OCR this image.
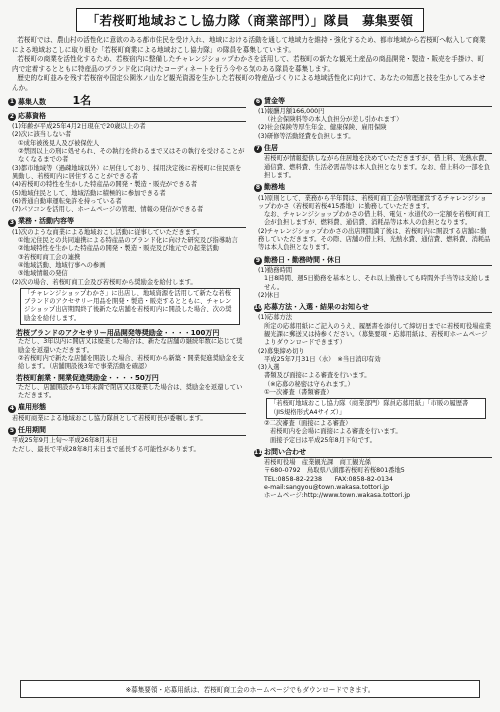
「若桜町地域おこし協力隊（商業部門）」隊員　募集要領

若桜町では、農山村の活性化に意欲のある都市住民を受け入れ、地域における活動を通して地域力を維持・強化するため、都市地域から若桜町へ転入して商業による地域おこしに取り組む「若桜町商業による地域おこし協力隊」の隊員を募集しています。

若桜町の商業を活性化するため、若桜宿内に整備したチャレンジショップわかさを活用して、若桜町の新たな観光土産品の商品開発・製造・販売を手掛け、町内で定着するとともに特産品のブランド化に向けたコーディネートを行う今やる気のある隊員を募集します。

歴史的な町並みを残す若桜宿や国定公園氷ノ山など観光資源を生かした若桜町の特産品づくりによる地域活性化に向けて、あなたの知恵と技を生かしてみませんか。

1 募集人数 1名
2 応募資格
(1)年齢が平成25年4月2日現在で20歳以上の者
(2)次に該当しない者
①成年被後見人及び被保佐人
②禁固以上の刑に処せられ、その執行を終わるまで又はその執行を受けることがなくなるまでの者
(3)都市地域等（過疎地域以外）に居住しており、採用決定後に若桜町に住民票を異動し、若桜町内に居住することができる者
(4)若桜町の特性を生かした特産品の開発・製造・販売ができる者
(5)地域住民として、地域活動に積極的に参加できる者
(6)普通自動車運転免許を持っている者
(7)パソコンを活用し、ホームページの管理、情報の発信ができる者
3 業務・活動内容等
(1)次のような商業による地域おこし活動に従事していただきます。
①地元住民との共同連携による特産品のブランド化に向けた研究及び指導助言
②地域特性を生かした特産品の開発・製造・販売及び地元での起業活動
③若桜町商工会の連携
④地域活動、地域行事への参画
⑤地域情報の発信
(2)次の場合、若桜町商工会及び若桜町から奨励金を給付します。
「チャレンジショップわかさ」に出店し、地域資源を活用して新たな若桜ブランドのアクセサリー用品を開発・製造・販売するとともに、チャレンジショップ出店期間終了後新たな店舗を若桜町内に開設した場合、次の奨励金を給付します。
若桜ブランドのアクセサリー用品開発等奨励金・・・・100万円
ただし、3年以内に開店又は廃業した場合は、新たな店舗の継続年数に応じて奨励金を返還いただきます。
②若桜町内で新たな店舗を開設した場合、若桜町から新築・開業促進奨励金を支給します。（店舗開設後3年で事業活動を確認）
若桜町創業・開業促進奨励金・・・・50万円
ただし、店舗開設から1年未満で閉店又は廃業した場合は、奨励金を返還していただきます。
4 雇用形態
若桜町商業による地域おこし協力隊員として若桜町長が委嘱します。
5 任用期間
平成25年9月上旬〜平成26年8月末日
ただし、最長で平成28年8月末日まで延長する可能性があります。
6 賃金等
(1)報酬月額166,000円
（社会保険料等の本人負担分が差し引かれます）
(2)社会保険等厚生年金、健康保険、雇用保険
(3)研修等活動経費を負担します。
7 住居
若桜町が情報提供しながら住居地を決めていただきますが、借上料、光熱水費、通信費、燃料費、生活必需品等は本人負担となります。なお、借上料の一部を負担します。
8 勤務地
(1)原則として、業務から半年間は、若桜町商工会が管理運営するチャレンジショップわかさ（若桜町若桜415番地）に勤務していただきます。
なお、チャレンジショップわかさの借上料、電気・水道代の一定額を若桜町商工会が負担しますが、燃料費、通信費、消耗品等は本人の負担となります。
(2)チャレンジショップわかさの出店期間満了後は、若桜町内に開設する店舗に勤務していただきます。その際、店舗の借上料、光熱水費、通信費、燃料費、消耗品等は本人負担となります。
9 勤務日・勤務時間・休日
(1)勤務時間
1日8時間、週5日勤務を基本とし、それ以上勤務しても時間外手当等は支給しません。
(2)休日
10 応募方法・入選・結果のお知らせ
(1)応募方法
所定の応募用紙にご記入のうえ、履歴書を添付して締切日までに若桜町役場産業観光課に郵送又は持参ください。（募集要項・応募用紙は、若桜町ホームページよりダウンロードできます）
(2)募集締め切り
平成25年7月31日（水）　※当日消印有効
(3)入選
書類及び面接による審査を行います。
（※応募の秘密は守られます。）
①一次審査（書類審査）
「若桜町地域おこし協力隊（商業部門）隊員応募用紙」「市販の履歴書（JIS規格形式A4サイズ）」
②二次審査（面接による審査）
若桜町内を会場に面接による審査を行います。
面接予定日は平成25年8月下旬です。
11 お問い合わせ
若桜町役場　産業観光課　商工観光係
〒680-0792　鳥取県八頭郡若桜町若桜801番地5
TEL:0858-82-2238　　FAX:0858-82-0134
e-mail:sangyou@town.wakasa.tottori.jp
ホームページ:http://www.town.wakasa.tottori.jp
※募集要領・応募用紙は、若桜町商工会のホームページでもダウンロードできます。
